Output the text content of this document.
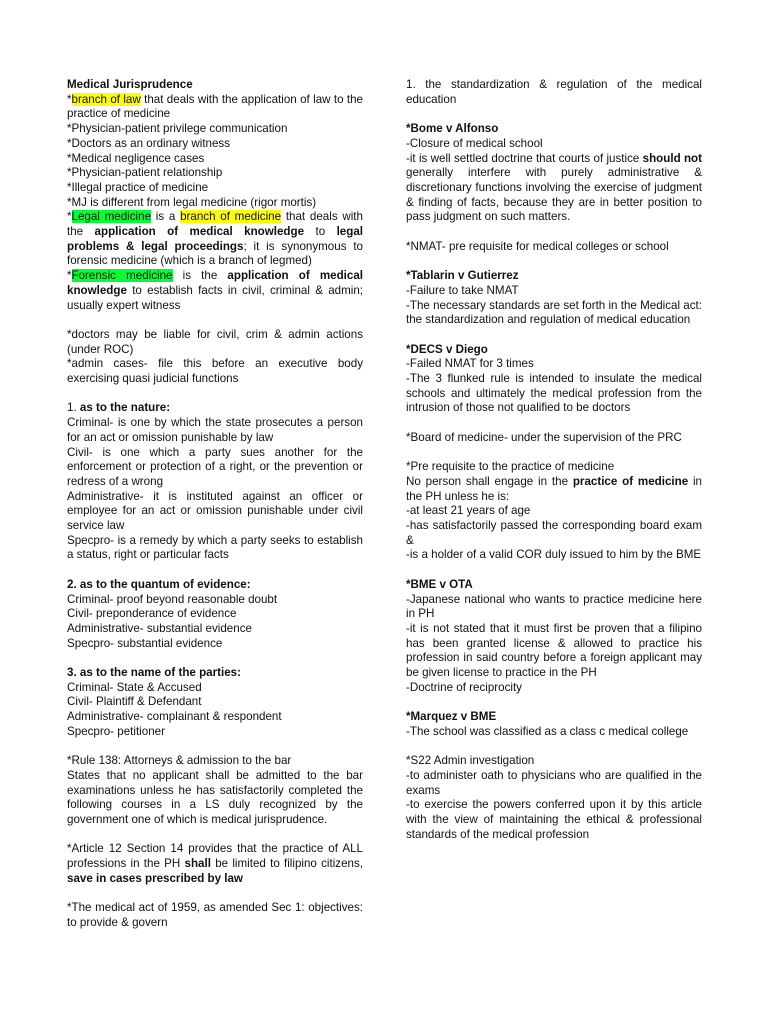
Medical Jurisprudence

*branch of law that deals with the application of law to the practice of medicine

*Physician-patient privilege communication

*Doctors as an ordinary witness

*Medical negligence cases

*Physician-patient relationship

*Illegal practice of medicine

*MJ is different from legal medicine (rigor mortis)

*Legal medicine is a branch of medicine that deals with the application of medical knowledge to legal problems & legal proceedings; it is synonymous to forensic medicine (which is a branch of legmed)

*Forensic medicine is the application of medical knowledge to establish facts in civil, criminal & admin; usually expert witness

*doctors may be liable for civil, crim & admin actions (under ROC)

*admin cases- file this before an executive body exercising quasi judicial functions

1. as to the nature:

Criminal- is one by which the state prosecutes a person for an act or omission punishable by law

Civil- is one which a party sues another for the enforcement or protection of a right, or the prevention or redress of a wrong

Administrative- it is instituted against an officer or employee for an act or omission punishable under civil service law

Specpro- is a remedy by which a party seeks to establish a status, right or particular facts

2. as to the quantum of evidence:

Criminal- proof beyond reasonable doubt

Civil- preponderance of evidence

Administrative- substantial evidence

Specpro- substantial evidence

3. as to the name of the parties:

Criminal- State & Accused

Civil- Plaintiff & Defendant

Administrative- complainant & respondent

Specpro- petitioner

*Rule 138: Attorneys & admission to the bar

States that no applicant shall be admitted to the bar examinations unless he has satisfactorily completed the following courses in a LS duly recognized by the government one of which is medical jurisprudence.

*Article 12 Section 14 provides that the practice of ALL professions in the PH shall be limited to filipino citizens, save in cases prescribed by law

*The medical act of 1959, as amended Sec 1: objectives: to provide & govern

1. the standardization & regulation of the medical education

*Bome v Alfonso

-Closure of medical school

-it is well settled doctrine that courts of justice should not generally interfere with purely administrative & discretionary functions involving the exercise of judgment & finding of facts, because they are in better position to pass judgment on such matters.

*NMAT- pre requisite for medical colleges or school

*Tablarin v Gutierrez

-Failure to take NMAT

-The necessary standards are set forth in the Medical act: the standardization and regulation of medical education

*DECS v Diego

-Failed NMAT for 3 times

-The 3 flunked rule is intended to insulate the medical schools and ultimately the medical profession from the intrusion of those not qualified to be doctors

*Board of medicine- under the supervision of the PRC

*Pre requisite to the practice of medicine

No person shall engage in the practice of medicine in the PH unless he is:

-at least 21 years of age

-has satisfactorily passed the corresponding board exam &

-is a holder of a valid COR duly issued to him by the BME

*BME v OTA

-Japanese national who wants to practice medicine here in PH

-it is not stated that it must first be proven that a filipino has been granted license & allowed to practice his profession in said country before a foreign applicant may be given license to practice in the PH

-Doctrine of reciprocity

*Marquez v BME

-The school was classified as a class c medical college

*S22 Admin investigation

-to administer oath to physicians who are qualified in the exams

-to exercise the powers conferred upon it by this article with the view of maintaining the ethical & professional standards of the medical profession
